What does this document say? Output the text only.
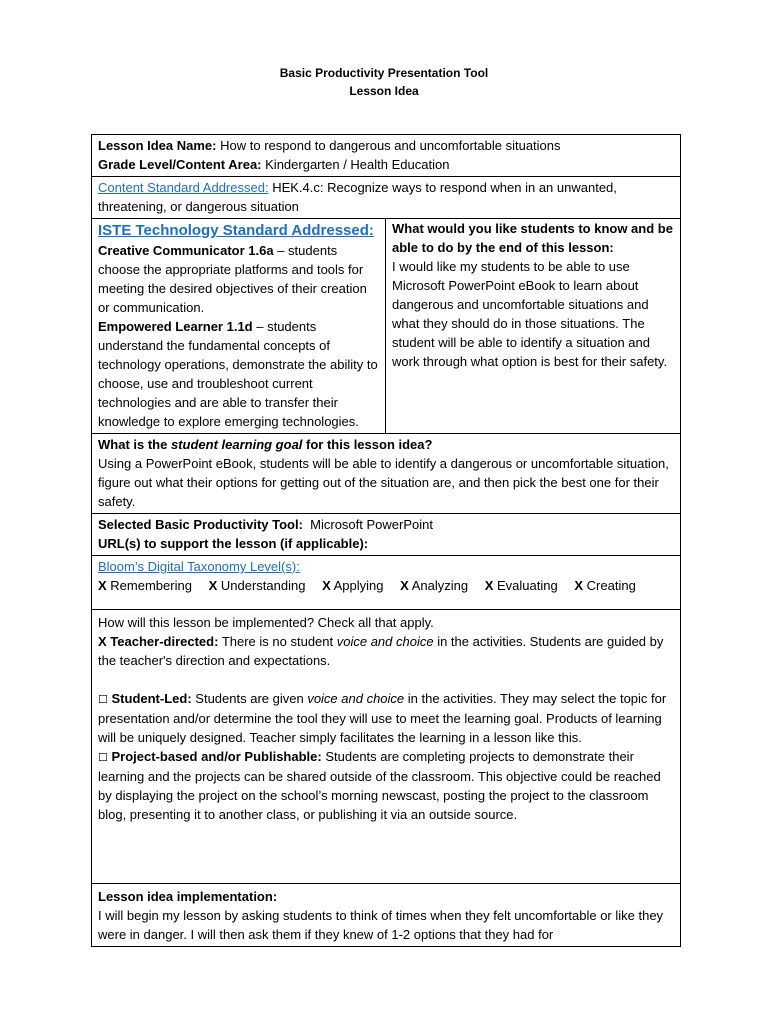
Basic Productivity Presentation Tool
Lesson Idea
Lesson Idea Name: How to respond to dangerous and uncomfortable situations
Grade Level/Content Area: Kindergarten / Health Education

Content Standard Addressed: HEK.4.c: Recognize ways to respond when in an unwanted, threatening, or dangerous situation

ISTE Technology Standard Addressed:
Creative Communicator 1.6a – students choose the appropriate platforms and tools for meeting the desired objectives of their creation or communication.
Empowered Learner 1.1d – students understand the fundamental concepts of technology operations, demonstrate the ability to choose, use and troubleshoot current technologies and are able to transfer their knowledge to explore emerging technologies.

What would you like students to know and be able to do by the end of this lesson:
I would like my students to be able to use Microsoft PowerPoint eBook to learn about dangerous and uncomfortable situations and what they should do in those situations. The student will be able to identify a situation and work through what option is best for their safety.

What is the student learning goal for this lesson idea?
Using a PowerPoint eBook, students will be able to identify a dangerous or uncomfortable situation, figure out what their options for getting out of the situation are, and then pick the best one for their safety.

Selected Basic Productivity Tool: Microsoft PowerPoint
URL(s) to support the lesson (if applicable):

Bloom’s Digital Taxonomy Level(s):
X Remembering X Understanding X Applying X Analyzing X Evaluating X Creating

How will this lesson be implemented? Check all that apply.

X Teacher-directed: There is no student voice and choice in the activities. Students are guided by the teacher's direction and expectations.

☐ Student-Led: Students are given voice and choice in the activities. They may select the topic for presentation and/or determine the tool they will use to meet the learning goal. Products of learning will be uniquely designed. Teacher simply facilitates the learning in a lesson like this.

☐ Project-based and/or Publishable: Students are completing projects to demonstrate their learning and the projects can be shared outside of the classroom. This objective could be reached by displaying the project on the school’s morning newscast, posting the project to the classroom blog, presenting it to another class, or publishing it via an outside source.

Lesson idea implementation:
I will begin my lesson by asking students to think of times when they felt uncomfortable or like they were in danger. I will then ask them if they knew of 1-2 options that they had for
